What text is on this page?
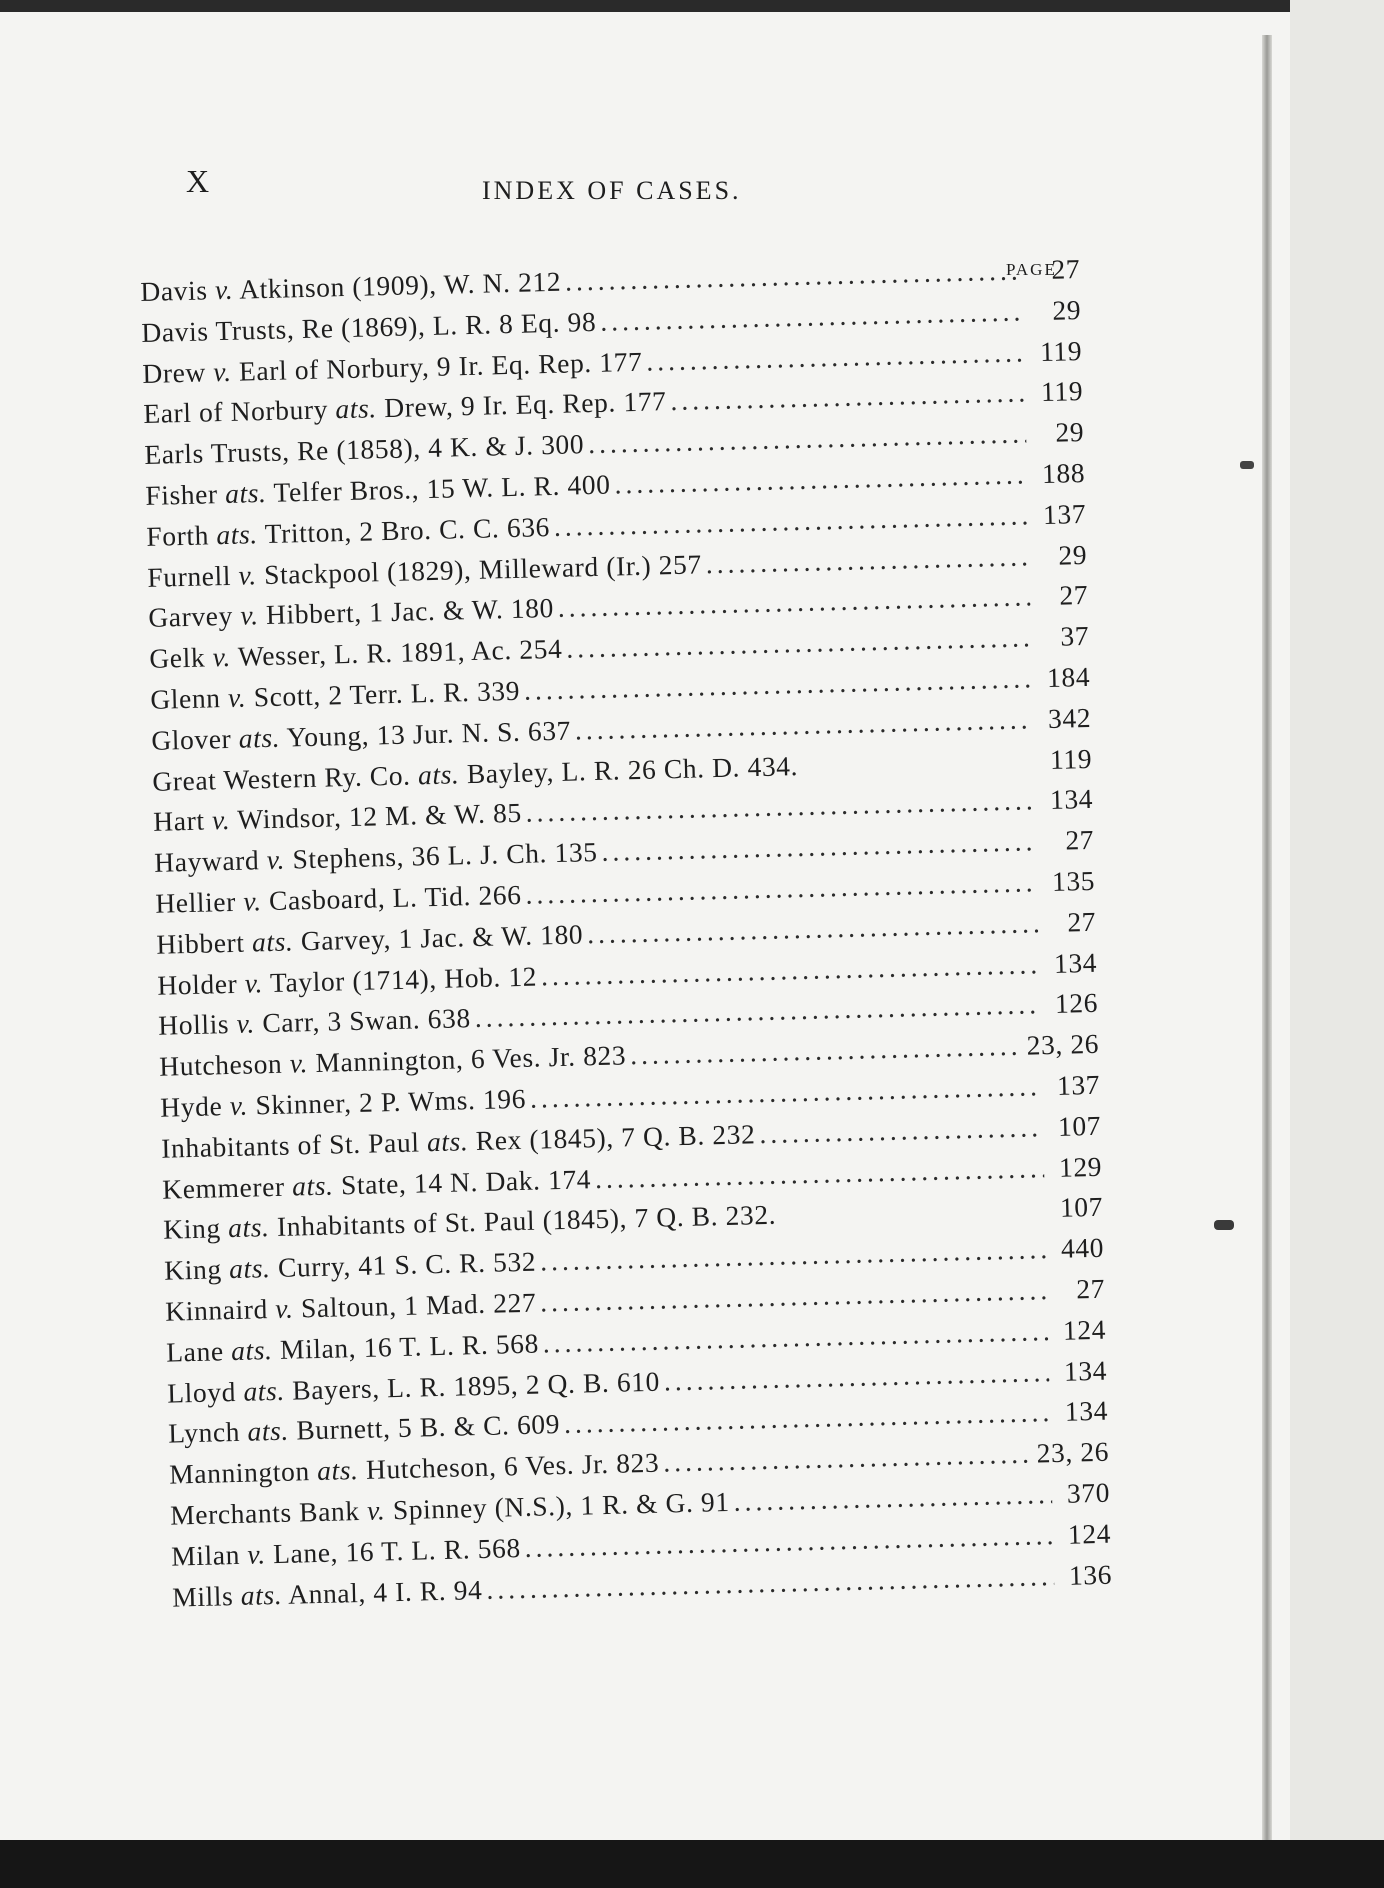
X	INDEX OF CASES.
PAGE
Davis v. Atkinson (1909), W. N. 212 .....	27
Davis Trusts, Re (1869), L. R. 8 Eq. 98 .....	29
Drew v. Earl of Norbury, 9 Ir. Eq. Rep. 177 .....	119
Earl of Norbury ats. Drew, 9 Ir. Eq. Rep. 177 .....	119
Earls Trusts, Re (1858), 4 K. & J. 300 .....	29
Fisher ats. Telfer Bros., 15 W. L. R. 400 .....	188
Forth ats. Tritton, 2 Bro. C. C. 636 .....	137
Furnell v. Stackpool (1829), Milleward (Ir.) 257 .....	29
Garvey v. Hibbert, 1 Jac. & W. 180 .....	27
Gelk v. Wesser, L. R. 1891, Ac. 254 .....	37
Glenn v. Scott, 2 Terr. L. R. 339 .....	184
Glover ats. Young, 13 Jur. N. S. 637 .....	342
Great Western Ry. Co. ats. Bayley, L. R. 26 Ch. D. 434.	119
Hart v. Windsor, 12 M. & W. 85 .....	134
Hayward v. Stephens, 36 L. J. Ch. 135 .....	27
Hellier v. Casboard, L. Tid. 266 .....	135
Hibbert ats. Garvey, 1 Jac. & W. 180 .....	27
Holder v. Taylor (1714), Hob. 12 .....	134
Hollis v. Carr, 3 Swan. 638 .....	126
Hutcheson v. Mannington, 6 Ves. Jr. 823 .....	23, 26
Hyde v. Skinner, 2 P. Wms. 196 .....	137
Inhabitants of St. Paul ats. Rex (1845), 7 Q. B. 232 .....	107
Kemmerer ats. State, 14 N. Dak. 174 .....	129
King ats. Inhabitants of St. Paul (1845), 7 Q. B. 232.	107
King ats. Curry, 41 S. C. R. 532 .....	440
Kinnaird v. Saltoun, 1 Mad. 227 .....	27
Lane ats. Milan, 16 T. L. R. 568 .....	124
Lloyd ats. Bayers, L. R. 1895, 2 Q. B. 610 .....	134
Lynch ats. Burnett, 5 B. & C. 609 .....	134
Mannington ats. Hutcheson, 6 Ves. Jr. 823 .....	23, 26
Merchants Bank v. Spinney (N.S.), 1 R. & G. 91 .....	370
Milan v. Lane, 16 T. L. R. 568 .....	124
Mills ats. Annal, 4 I. R. 94 .....	136
